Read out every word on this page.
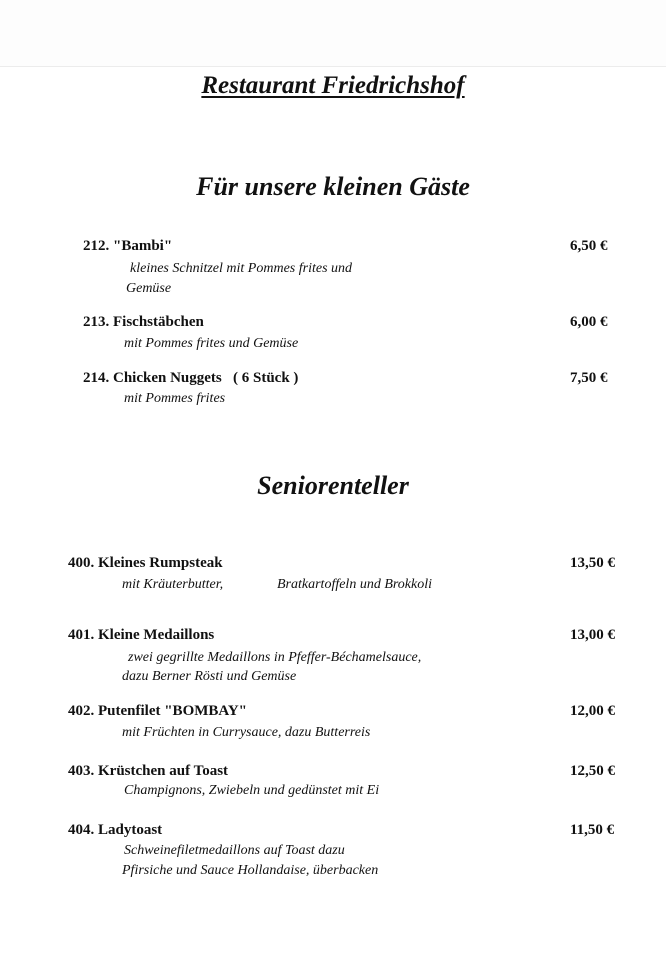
Restaurant Friedrichshof
Für unsere kleinen Gäste
212. "Bambi"	6,50 €
kleines Schnitzel mit Pommes frites und
Gemüse
213. Fischstäbchen	6,00 €
mit Pommes frites und Gemüse
214. Chicken Nuggets   ( 6 Stück )	7,50 €
mit Pommes frites
Seniorenteller
400. Kleines Rumpsteak	13,50 €
mit Kräuterbutter,	Bratkartoffeln und Brokkoli
401. Kleine Medaillons	13,00 €
zwei gegrillte Medaillons in Pfeffer-Béchamelsauce,
dazu Berner Rösti und Gemüse
402. Putenfilet "BOMBAY"	12,00 €
mit Früchten in Currysauce, dazu Butterreis
403. Krüstchen auf Toast	12,50 €
Champignons, Zwiebeln und gedünstet mit Ei
404. Ladytoast	11,50 €
Schweinefiletmedaillons auf Toast dazu
Pfirsiche und Sauce Hollandaise, überbacken
